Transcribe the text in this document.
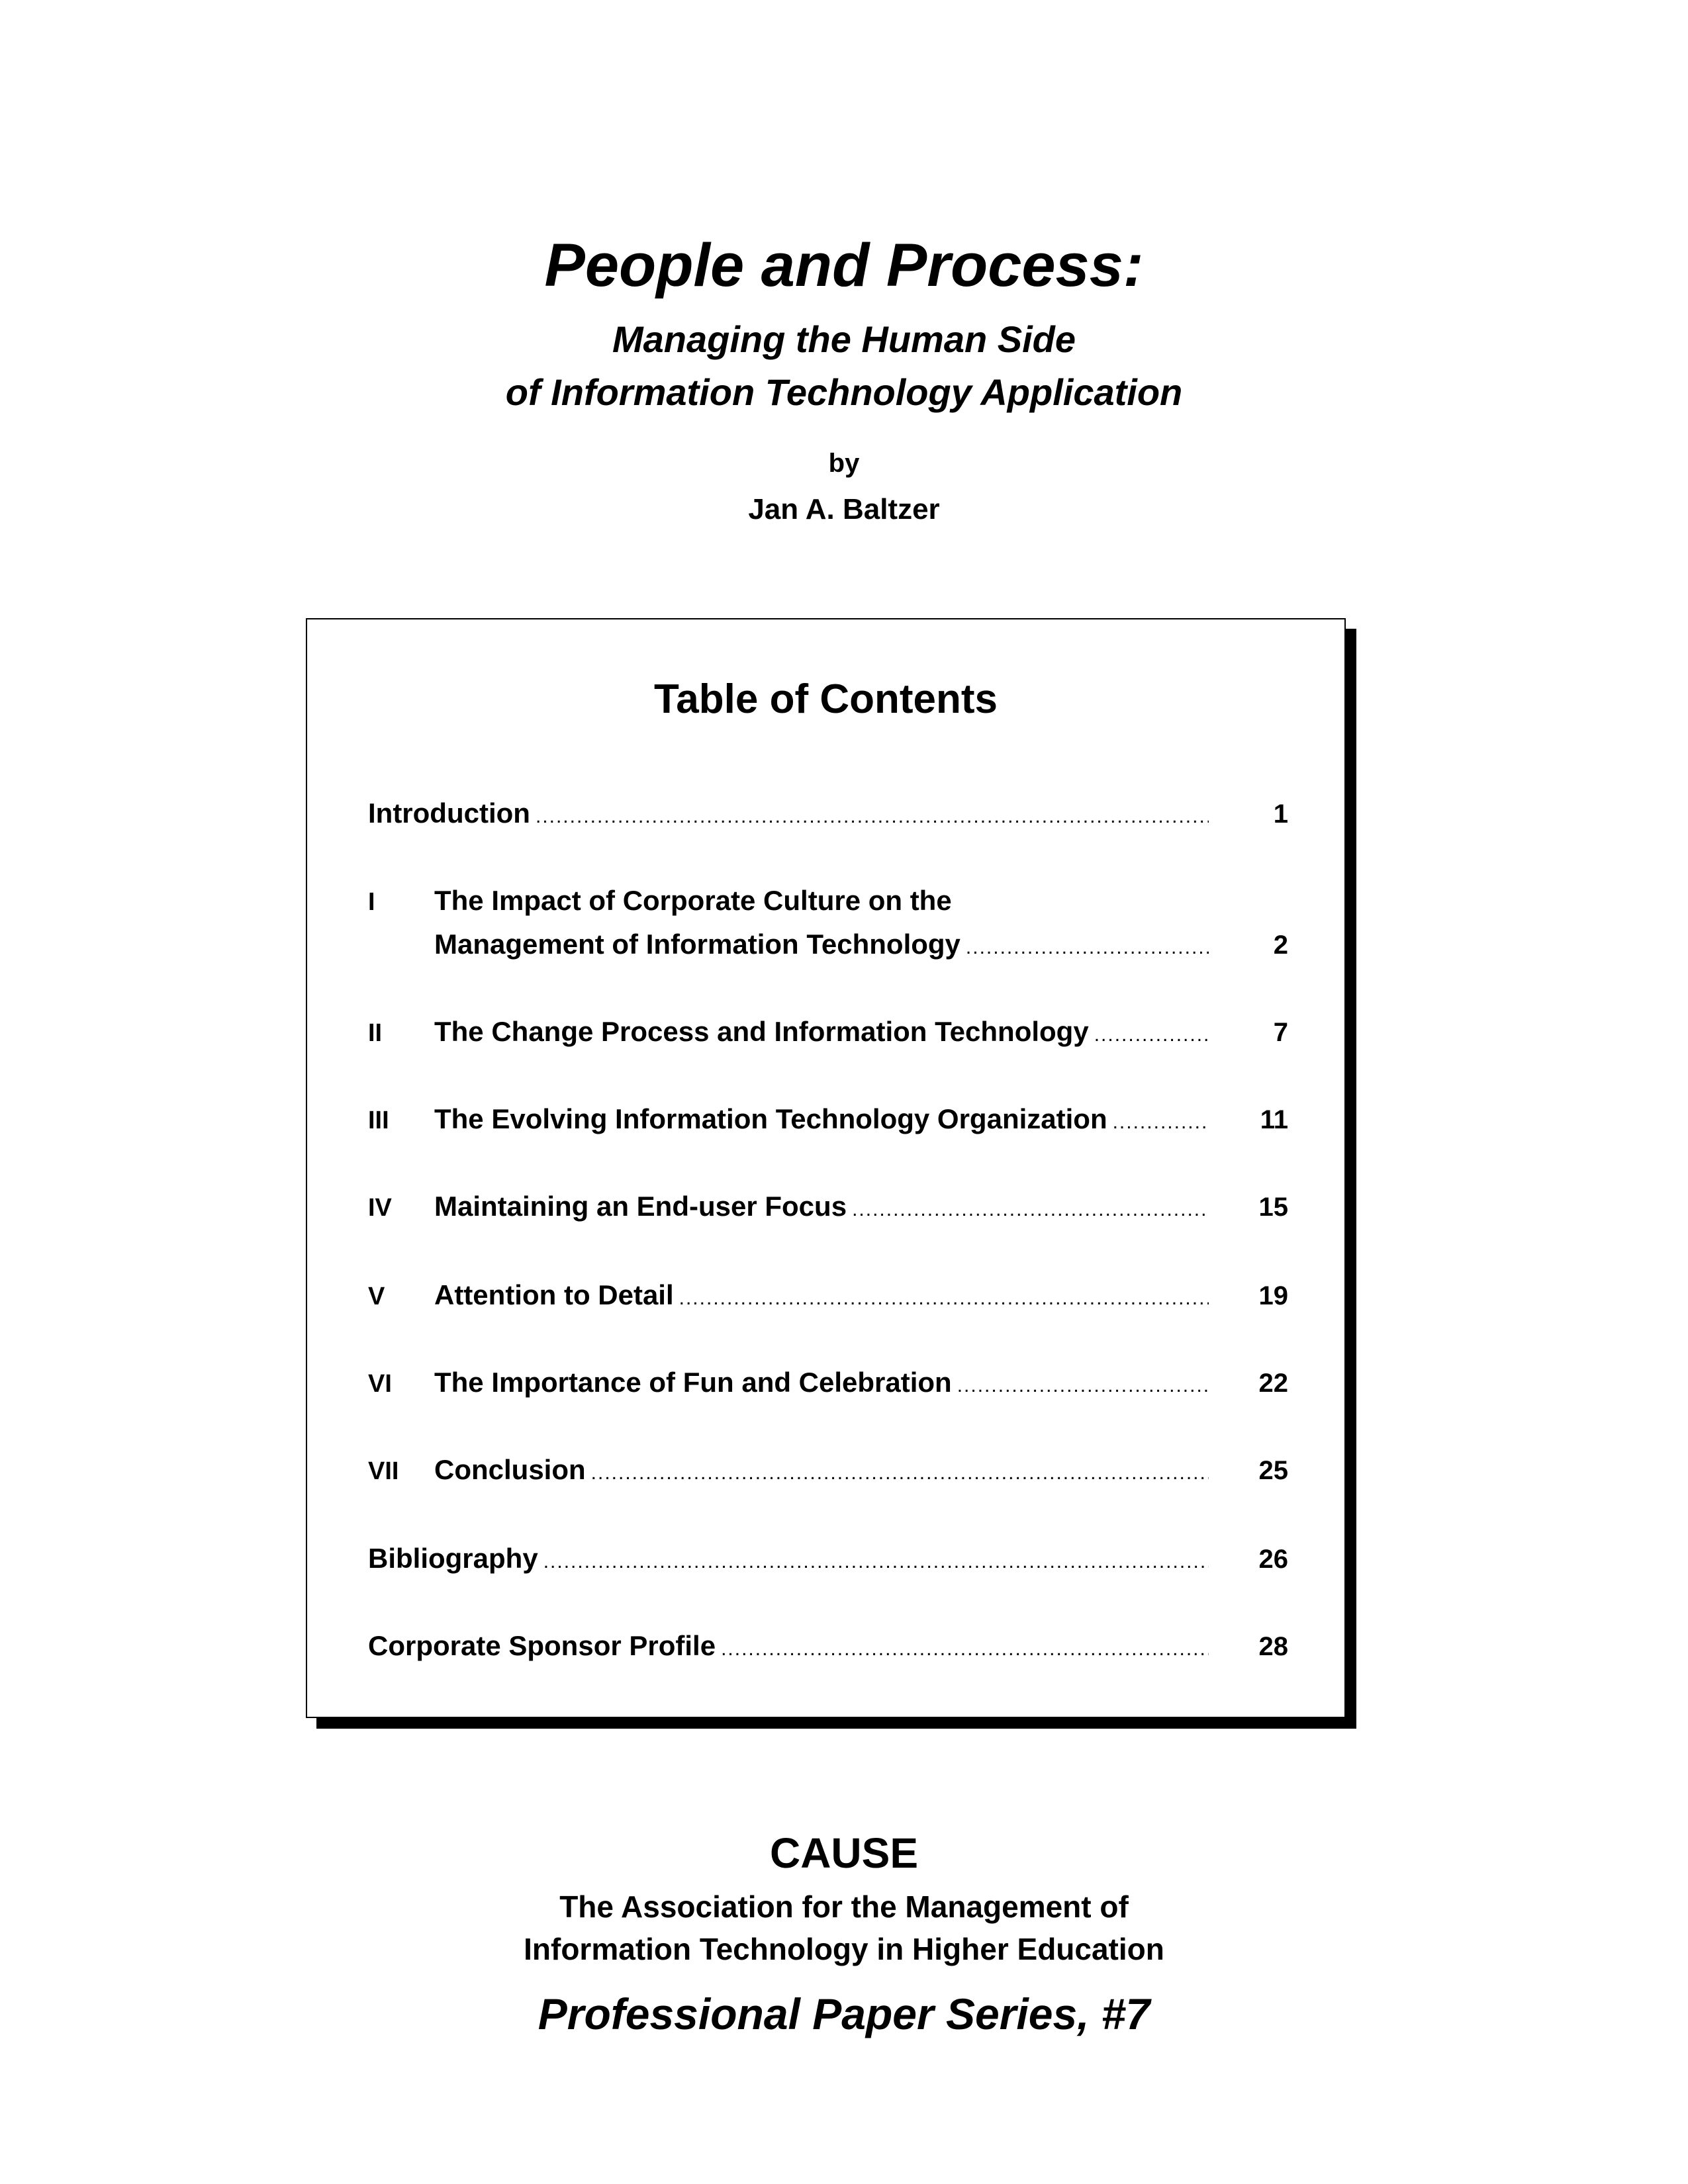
People and Process:
Managing the Human Side
of Information Technology Application
by
Jan A. Baltzer
Table of Contents
Introduction .....	1
I	The Impact of Corporate Culture on the
Management of Information Technology .....	2
II	The Change Process and Information Technology .....	7
III	The Evolving Information Technology Organization .....	11
IV	Maintaining an End-user Focus .....	15
V	Attention to Detail .....	19
VI	The Importance of Fun and Celebration .....	22
VII	Conclusion .....	25
Bibliography .....	26
Corporate Sponsor Profile .....	28
CAUSE
The Association for the Management of
Information Technology in Higher Education
Professional Paper Series, #7
